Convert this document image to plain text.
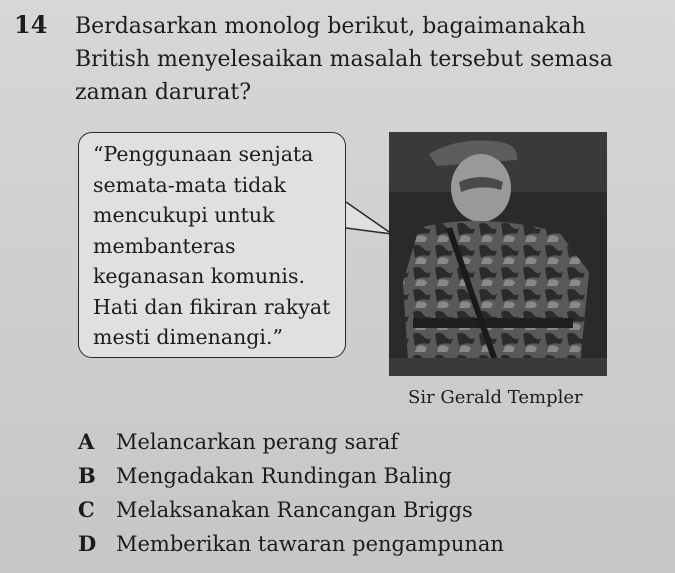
14 Berdasarkan monolog berikut, bagaimanakah British menyelesaikan masalah tersebut semasa zaman darurat?

“Penggunaan senjata
semata-mata tidak
mencukupi untuk
membanteras
keganasan komunis.
Hati dan fikiran rakyat
mesti dimenangi.”

Sir Gerald Templer
A	Melancarkan perang saraf
B Mengadakan Rundingan Baling
C	Melaksanakan Rancangan Briggs
D Memberikan tawaran pengampunan
